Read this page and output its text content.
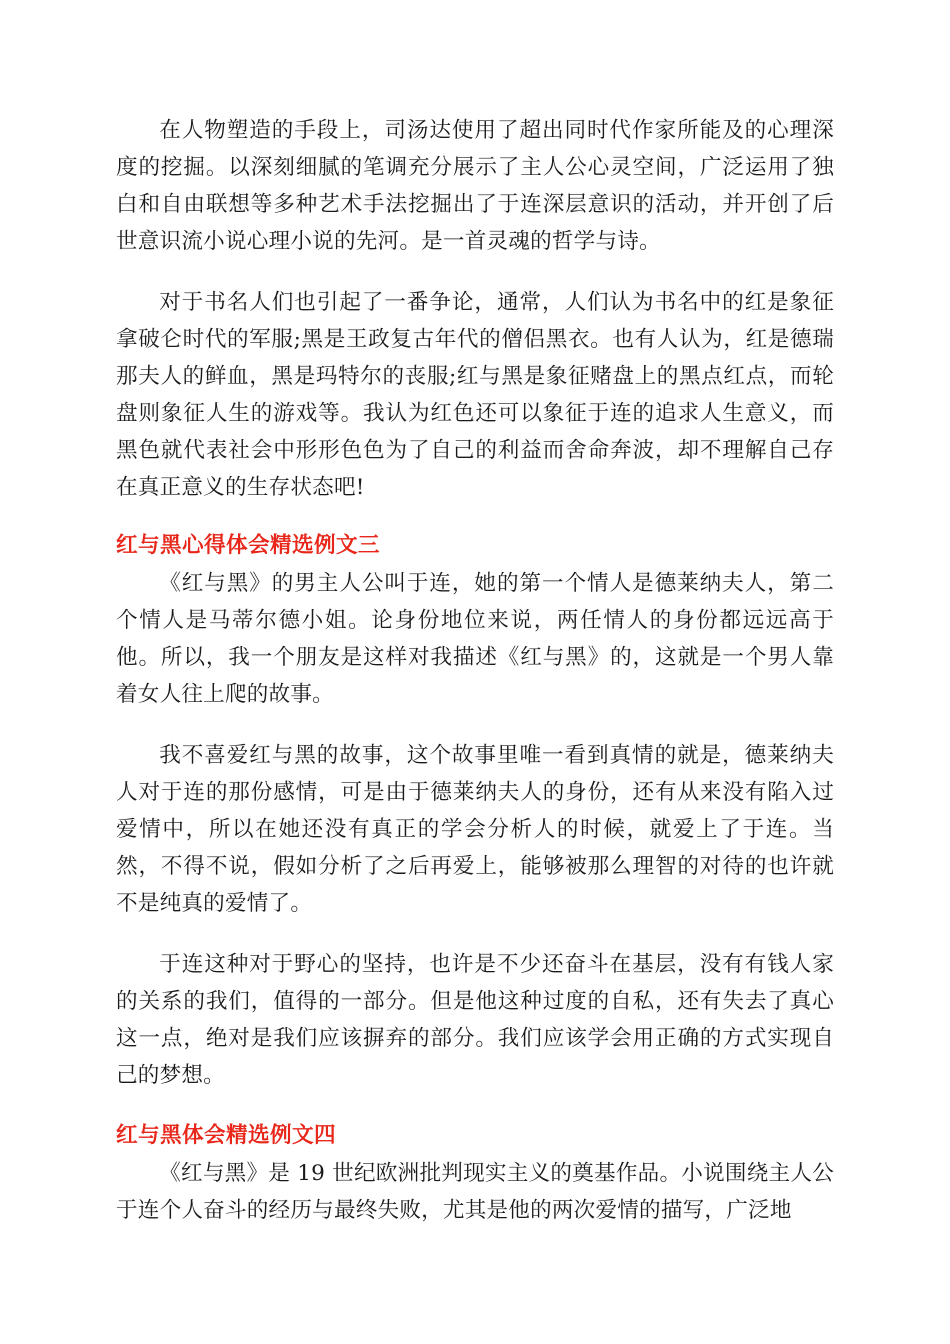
在人物塑造的手段上，司汤达使用了超出同时代作家所能及的心理深度的挖掘。以深刻细腻的笔调充分展示了主人公心灵空间，广泛运用了独白和自由联想等多种艺术手法挖掘出了于连深层意识的活动，并开创了后世意识流小说心理小说的先河。是一首灵魂的哲学与诗。

对于书名人们也引起了一番争论，通常，人们认为书名中的红是象征拿破仑时代的军服;黑是王政复古年代的僧侣黑衣。也有人认为，红是德瑞那夫人的鲜血，黑是玛特尔的丧服;红与黑是象征赌盘上的黑点红点，而轮盘则象征人生的游戏等。我认为红色还可以象征于连的追求人生意义，而黑色就代表社会中形形色色为了自己的利益而舍命奔波，却不理解自己存在真正意义的生存状态吧!

红与黑心得体会精选例文三

《红与黑》的男主人公叫于连，她的第一个情人是德莱纳夫人，第二个情人是马蒂尔德小姐。论身份地位来说，两任情人的身份都远远高于他。所以，我一个朋友是这样对我描述《红与黑》的，这就是一个男人靠着女人往上爬的故事。

我不喜爱红与黑的故事，这个故事里唯一看到真情的就是，德莱纳夫人对于连的那份感情，可是由于德莱纳夫人的身份，还有从来没有陷入过爱情中，所以在她还没有真正的学会分析人的时候，就爱上了于连。当然，不得不说，假如分析了之后再爱上，能够被那么理智的对待的也许就不是纯真的爱情了。

于连这种对于野心的坚持，也许是不少还奋斗在基层，没有有钱人家的关系的我们，值得的一部分。但是他这种过度的自私，还有失去了真心这一点，绝对是我们应该摒弃的部分。我们应该学会用正确的方式实现自己的梦想。

红与黑体会精选例文四

《红与黑》是 19 世纪欧洲批判现实主义的奠基作品。小说围绕主人公于连个人奋斗的经历与最终失败，尤其是他的两次爱情的描写，广泛地
